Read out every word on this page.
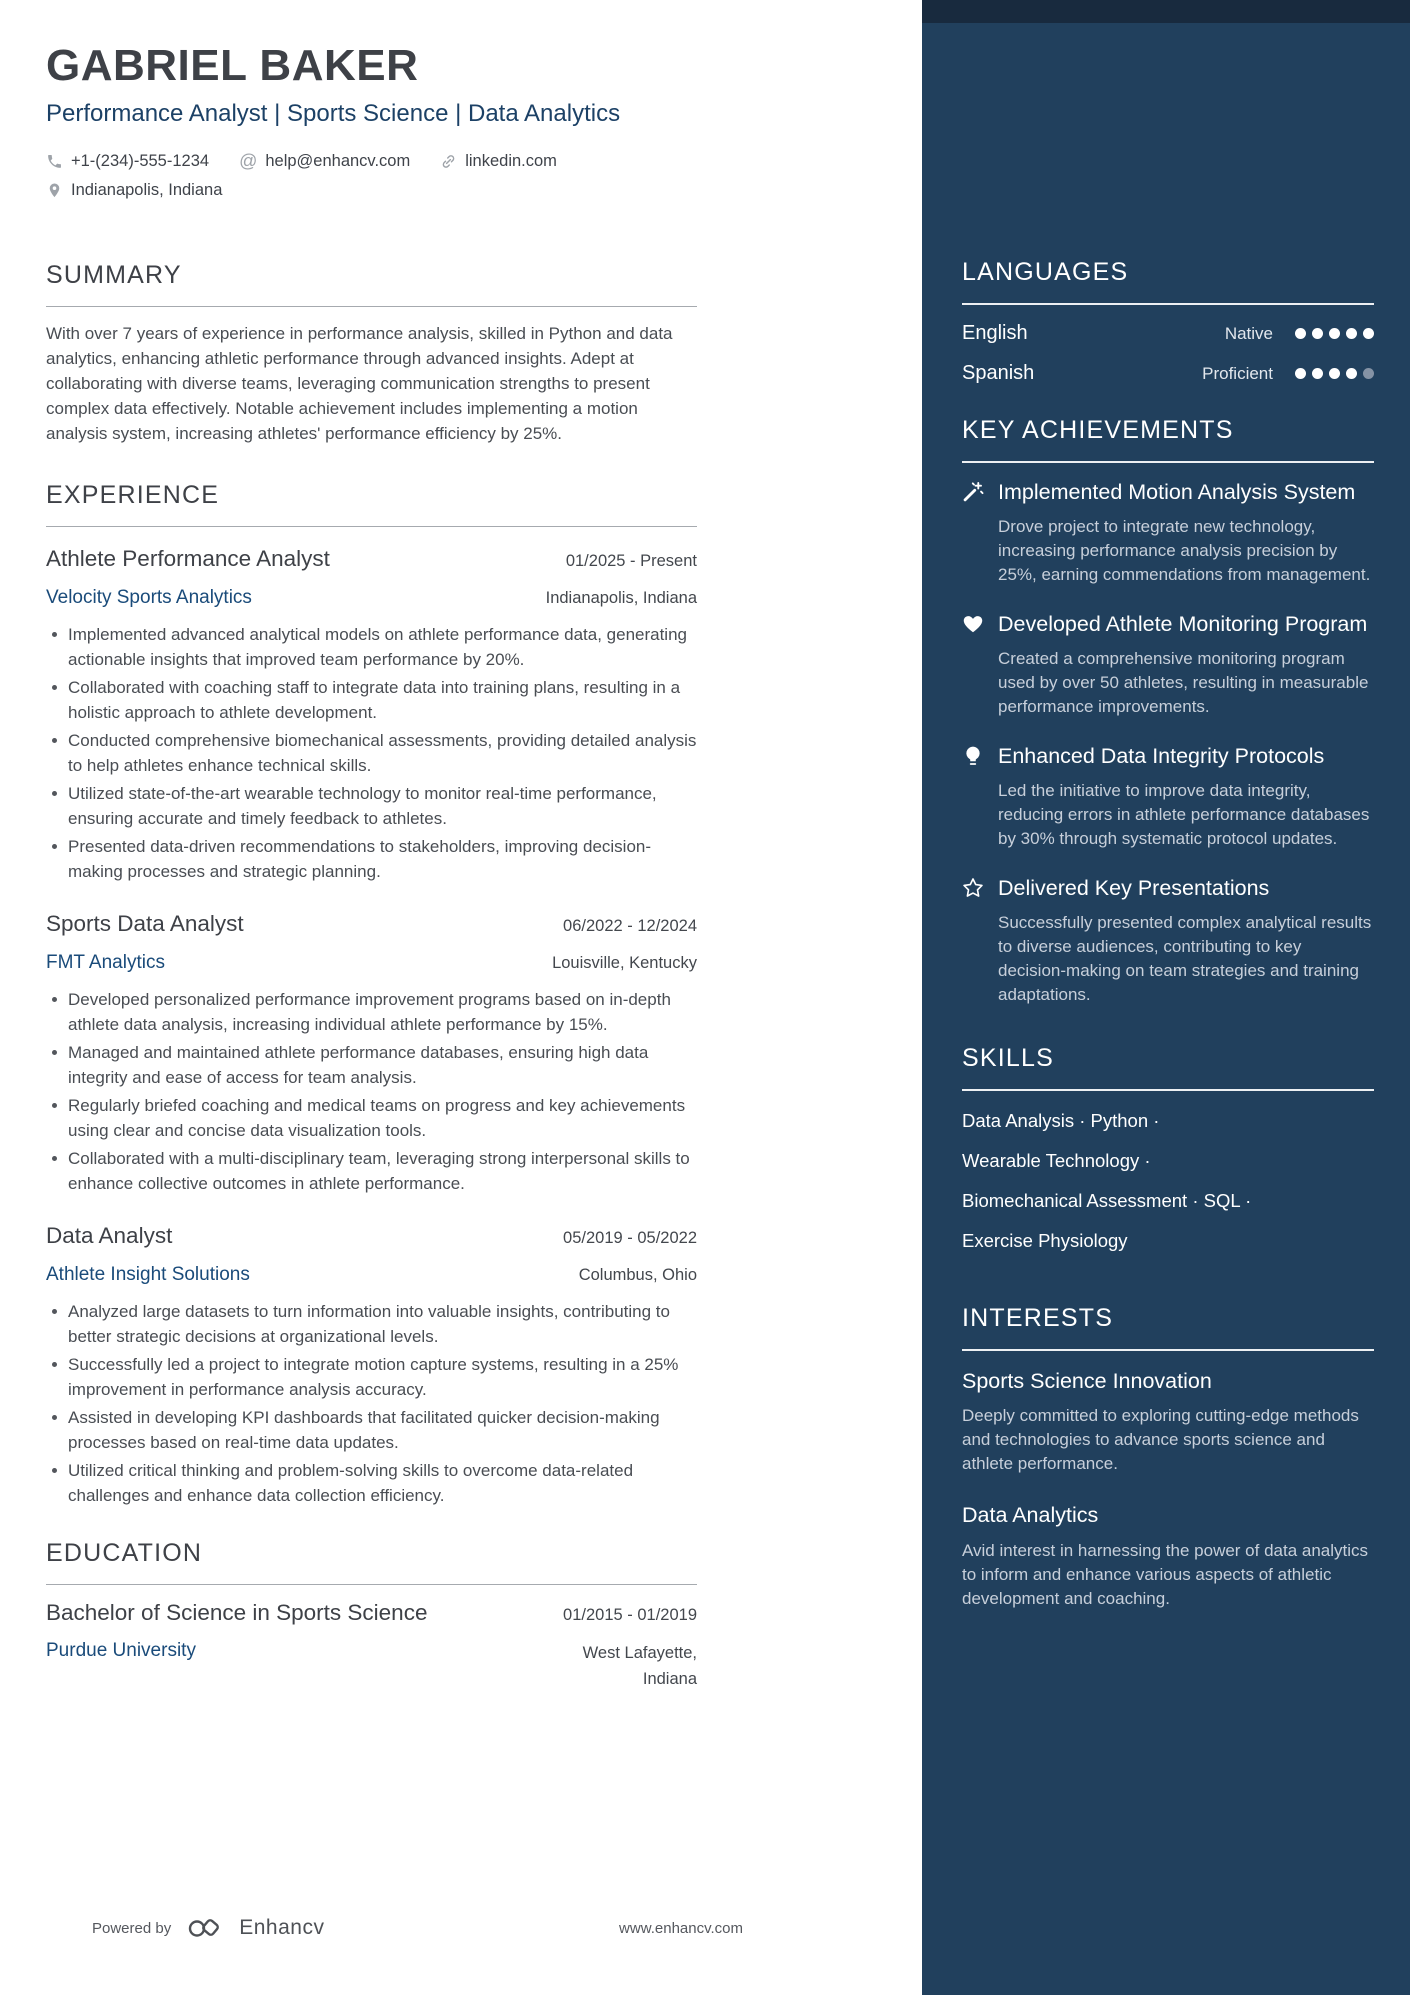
GABRIEL BAKER
Performance Analyst | Sports Science | Data Analytics
+1-(234)-555-1234 @ help@enhancv.com	linkedin.com
Indianapolis, Indiana
SUMMARY
With over 7 years of experience in performance analysis, skilled in Python and data analytics, enhancing athletic performance through advanced insights. Adept at collaborating with diverse teams, leveraging communication strengths to present complex data effectively. Notable achievement includes implementing a motion analysis system, increasing athletes' performance efficiency by 25%.
EXPERIENCE
Athlete Performance Analyst	01/2025 - Present
Velocity Sports Analytics	Indianapolis, Indiana
Implemented advanced analytical models on athlete performance data, generating actionable insights that improved team performance by 20%.
Collaborated with coaching staff to integrate data into training plans, resulting in a holistic approach to athlete development.
Conducted comprehensive biomechanical assessments, providing detailed analysis to help athletes enhance technical skills.
Utilized state-of-the-art wearable technology to monitor real-time performance, ensuring accurate and timely feedback to athletes.
Presented data-driven recommendations to stakeholders, improving decision-making processes and strategic planning.
Sports Data Analyst	06/2022 - 12/2024
FMT Analytics	Louisville, Kentucky
Developed personalized performance improvement programs based on in-depth athlete data analysis, increasing individual athlete performance by 15%.
Managed and maintained athlete performance databases, ensuring high data integrity and ease of access for team analysis.
Regularly briefed coaching and medical teams on progress and key achievements using clear and concise data visualization tools.
Collaborated with a multi-disciplinary team, leveraging strong interpersonal skills to enhance collective outcomes in athlete performance.
Data Analyst	05/2019 - 05/2022
Athlete Insight Solutions	Columbus, Ohio
Analyzed large datasets to turn information into valuable insights, contributing to better strategic decisions at organizational levels.
Successfully led a project to integrate motion capture systems, resulting in a 25% improvement in performance analysis accuracy.
Assisted in developing KPI dashboards that facilitated quicker decision-making processes based on real-time data updates.
Utilized critical thinking and problem-solving skills to overcome data-related challenges and enhance data collection efficiency.
EDUCATION
Bachelor of Science in Sports Science	01/2015 - 01/2019
Purdue University	West Lafayette, Indiana
Powered by	Enhancv	www.enhancv.com
LANGUAGES
English	Native
Spanish	Proficient
KEY ACHIEVEMENTS
Implemented Motion Analysis System
Drove project to integrate new technology, increasing performance analysis precision by 25%, earning commendations from management.
Developed Athlete Monitoring Program
Created a comprehensive monitoring program used by over 50 athletes, resulting in measurable performance improvements.
Enhanced Data Integrity Protocols
Led the initiative to improve data integrity, reducing errors in athlete performance databases by 30% through systematic protocol updates.
Delivered Key Presentations
Successfully presented complex analytical results to diverse audiences, contributing to key decision-making on team strategies and training adaptations.
SKILLS
Data Analysis · Python ·
Wearable Technology ·
Biomechanical Assessment · SQL ·
Exercise Physiology
INTERESTS
Sports Science Innovation
Deeply committed to exploring cutting-edge methods and technologies to advance sports science and athlete performance.
Data Analytics
Avid interest in harnessing the power of data analytics to inform and enhance various aspects of athletic development and coaching.
